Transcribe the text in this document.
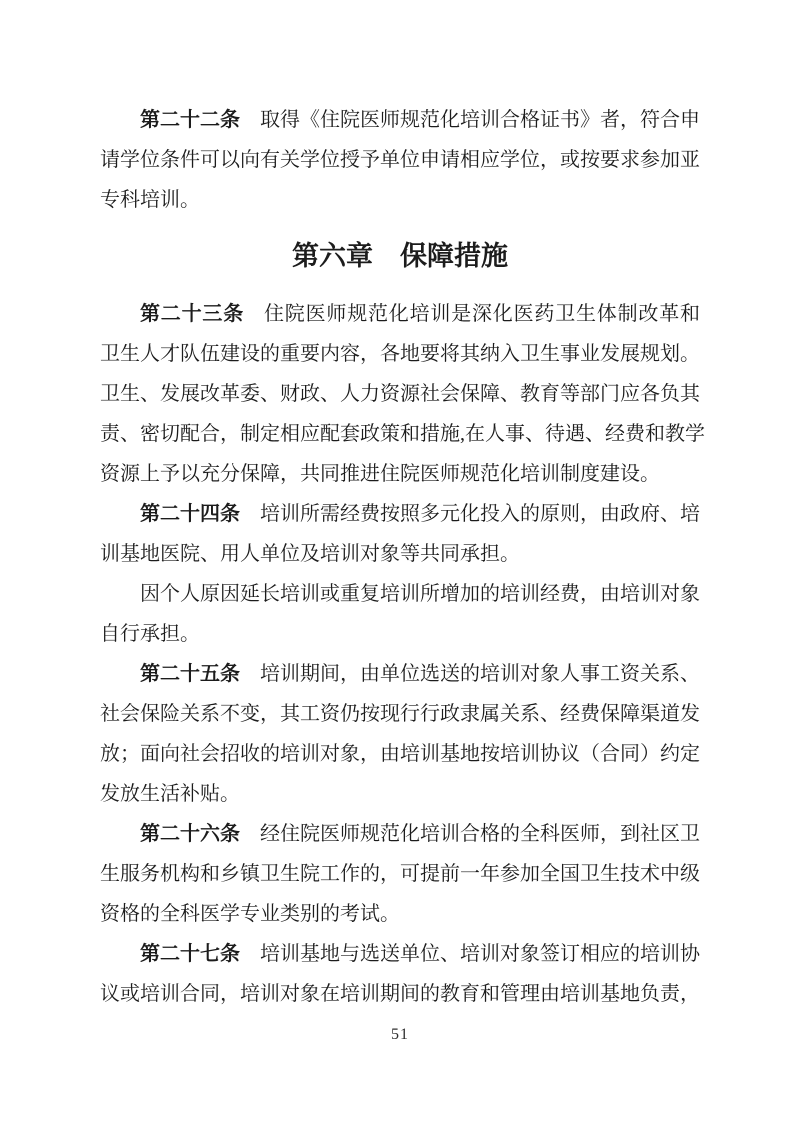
第二十二条 取得《住院医师规范化培训合格证书》者，符合申
请学位条件可以向有关学位授予单位申请相应学位，或按要求参加亚
专科培训。

第六章　保障措施

第二十三条 住院医师规范化培训是深化医药卫生体制改革和
卫生人才队伍建设的重要内容，各地要将其纳入卫生事业发展规划。
卫生、发展改革委、财政、人力资源社会保障、教育等部门应各负其
责、密切配合，制定相应配套政策和措施,在人事、待遇、经费和教学
资源上予以充分保障，共同推进住院医师规范化培训制度建设。

第二十四条 培训所需经费按照多元化投入的原则，由政府、培
训基地医院、用人单位及培训对象等共同承担。

因个人原因延长培训或重复培训所增加的培训经费，由培训对象
自行承担。

第二十五条 培训期间，由单位选送的培训对象人事工资关系、
社会保险关系不变，其工资仍按现行行政隶属关系、经费保障渠道发
放；面向社会招收的培训对象，由培训基地按培训协议（合同）约定
发放生活补贴。

第二十六条 经住院医师规范化培训合格的全科医师，到社区卫
生服务机构和乡镇卫生院工作的，可提前一年参加全国卫生技术中级
资格的全科医学专业类别的考试。

第二十七条 培训基地与选送单位、培训对象签订相应的培训协
议或培训合同，培训对象在培训期间的教育和管理由培训基地负责，

51
